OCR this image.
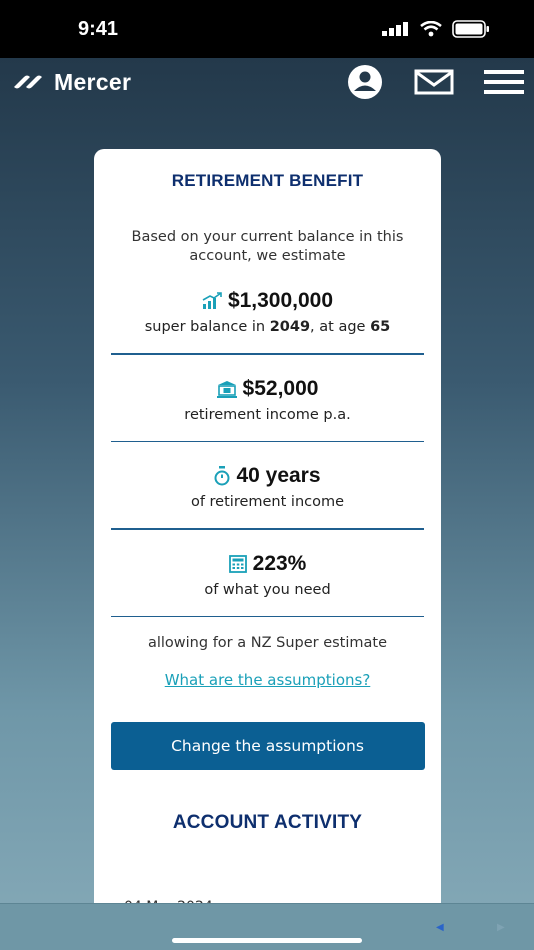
9:41
Mercer
RETIREMENT BENEFIT
Based on your current balance in this account, we estimate
$1,300,000
super balance in 2049, at age 65
$52,000
retirement income p.a.
40 years
of retirement income
223%
of what you need
allowing for a NZ Super estimate
What are the assumptions?
Change the assumptions
ACCOUNT ACTIVITY
◀	▶
